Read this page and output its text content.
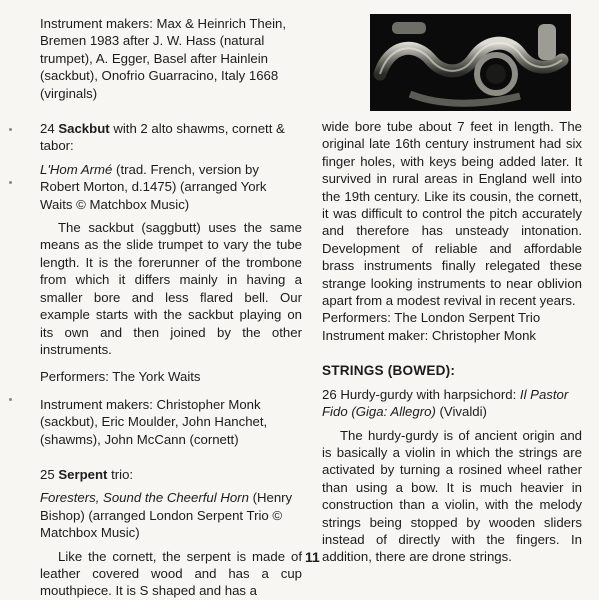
Instrument makers: Max & Heinrich Thein, Bremen 1983 after J. W. Hass (natural trumpet), A. Egger, Basel after Hainlein (sackbut), Onofrio Guarracino, Italy 1668 (virginals)

24 Sackbut with 2 alto shawms, cornett & tabor:

L'Hom Armé (trad. French, version by Robert Morton, d.1475) (arranged York Waits © Matchbox Music)

The sackbut (saggbutt) uses the same means as the slide trumpet to vary the tube length. It is the forerunner of the trombone from which it differs mainly in having a smaller bore and less flared bell. Our example starts with the sackbut playing on its own and then joined by the other instruments.

Performers: The York Waits

Instrument makers: Christopher Monk (sackbut), Eric Moulder, John Hanchet, (shawms), John McCann (cornett)

25 Serpent trio:

Foresters, Sound the Cheerful Horn (Henry Bishop) (arranged London Serpent Trio © Matchbox Music)

Like the cornett, the serpent is made of leather covered wood and has a cup mouthpiece. It is S shaped and has a

wide bore tube about 7 feet in length. The original late 16th century instrument had six finger holes, with keys being added later. It survived in rural areas in England well into the 19th century. Like its cousin, the cornett, it was difficult to control the pitch accurately and therefore has unsteady intonation. Development of reliable and affordable brass instruments finally relegated these strange looking instruments to near oblivion apart from a modest revival in recent years.

Performers: The London Serpent Trio

Instrument maker: Christopher Monk

STRINGS (BOWED):

26 Hurdy-gurdy with harpsichord: Il Pastor Fido (Giga: Allegro) (Vivaldi)

The hurdy-gurdy is of ancient origin and is basically a violin in which the strings are activated by turning a rosined wheel rather than using a bow. It is much heavier in construction than a violin, with the melody strings being stopped by wooden sliders instead of directly with the fingers. In addition, there are drone strings.

11
